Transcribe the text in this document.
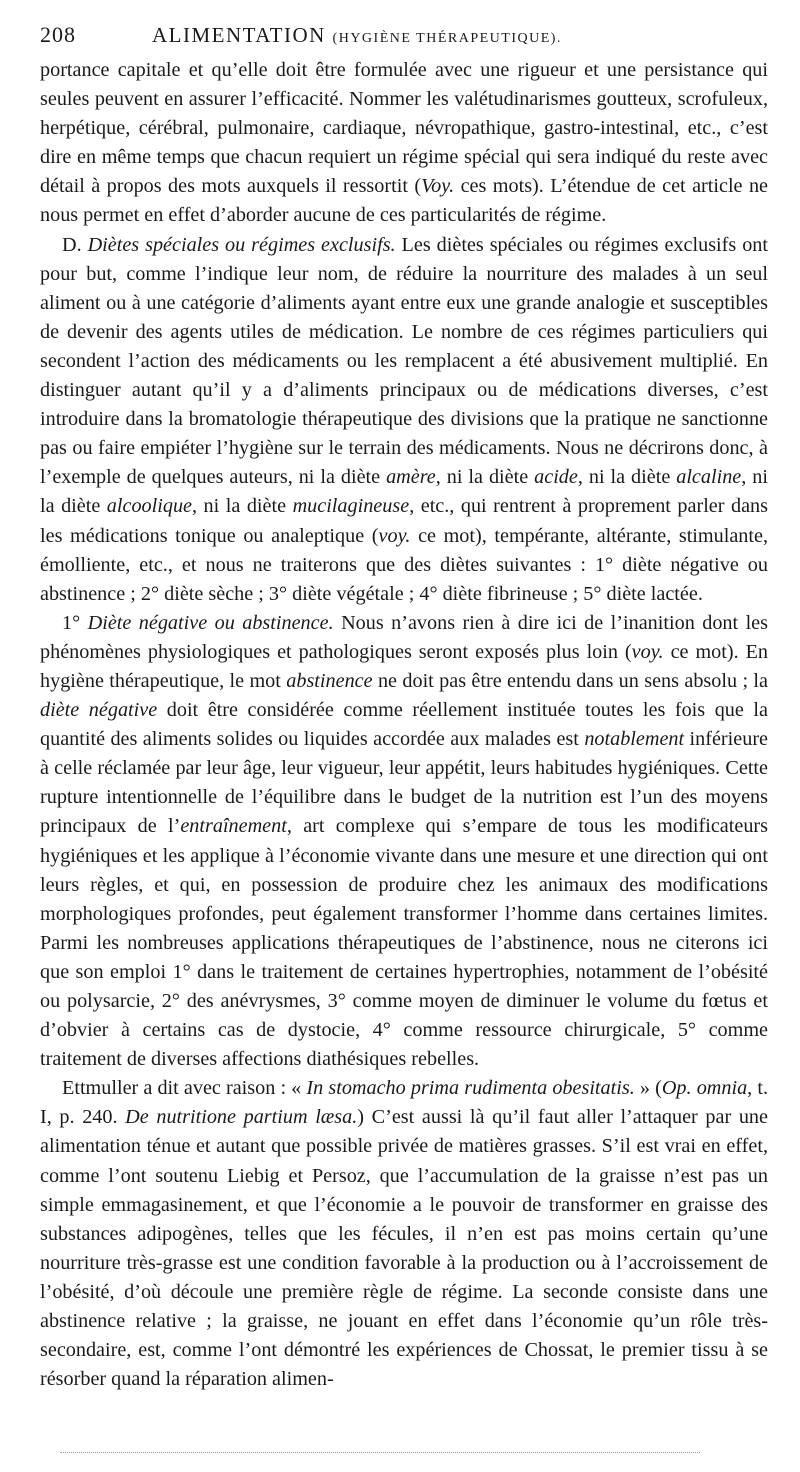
208	ALIMENTATION (HYGIÈNE THÉRAPEUTIQUE).

portance capitale et qu’elle doit être formulée avec une rigueur et une persistance qui seules peuvent en assurer l’efficacité. Nommer les valétudinarismes goutteux, scrofuleux, herpétique, cérébral, pulmonaire, cardiaque, névropathique, gastro-intestinal, etc., c’est dire en même temps que chacun requiert un régime spécial qui sera indiqué du reste avec détail à propos des mots auxquels il ressortit (Voy. ces mots). L’étendue de cet article ne nous permet en effet d’aborder aucune de ces particularités de régime.

D. Diètes spéciales ou régimes exclusifs. Les diètes spéciales ou régimes exclusifs ont pour but, comme l’indique leur nom, de réduire la nourriture des malades à un seul aliment ou à une catégorie d’aliments ayant entre eux une grande analogie et susceptibles de devenir des agents utiles de médication. Le nombre de ces régimes particuliers qui secondent l’action des médicaments ou les remplacent a été abusivement multiplié. En distinguer autant qu’il y a d’aliments principaux ou de médications diverses, c’est introduire dans la bromatologie thérapeutique des divisions que la pratique ne sanctionne pas ou faire empiéter l’hygiène sur le terrain des médicaments. Nous ne décrirons donc, à l’exemple de quelques auteurs, ni la diète amère, ni la diète acide, ni la diète alcaline, ni la diète alcoolique, ni la diète mucilagineuse, etc., qui rentrent à proprement parler dans les médications tonique ou analeptique (voy. ce mot), tempérante, altérante, stimulante, émolliente, etc., et nous ne traiterons que des diètes suivantes : 1° diète négative ou abstinence ; 2° diète sèche ; 3° diète végétale ; 4° diète fibrineuse ; 5° diète lactée.

1° Diète négative ou abstinence. Nous n’avons rien à dire ici de l’inanition dont les phénomènes physiologiques et pathologiques seront exposés plus loin (voy. ce mot). En hygiène thérapeutique, le mot abstinence ne doit pas être entendu dans un sens absolu ; la diète négative doit être considérée comme réellement instituée toutes les fois que la quantité des aliments solides ou liquides accordée aux malades est notablement inférieure à celle réclamée par leur âge, leur vigueur, leur appétit, leurs habitudes hygiéniques. Cette rupture intentionnelle de l’équilibre dans le budget de la nutrition est l’un des moyens principaux de l’entraînement, art complexe qui s’empare de tous les modificateurs hygiéniques et les applique à l’économie vivante dans une mesure et une direction qui ont leurs règles, et qui, en possession de produire chez les animaux des modifications morphologiques profondes, peut également transformer l’homme dans certaines limites. Parmi les nombreuses applications thérapeutiques de l’abstinence, nous ne citerons ici que son emploi 1° dans le traitement de certaines hypertrophies, notamment de l’obésité ou polysarcie, 2° des anévrysmes, 3° comme moyen de diminuer le volume du fœtus et d’obvier à certains cas de dystocie, 4° comme ressource chirurgicale, 5° comme traitement de diverses affections diathésiques rebelles.

Ettmuller a dit avec raison : « In stomacho prima rudimenta obesitatis. » (Op. omnia, t. I, p. 240. De nutritione partium læsa.) C’est aussi là qu’il faut aller l’attaquer par une alimentation ténue et autant que possible privée de matières grasses. S’il est vrai en effet, comme l’ont soutenu Liebig et Persoz, que l’accumulation de la graisse n’est pas un simple emmagasinement, et que l’économie a le pouvoir de transformer en graisse des substances adipogènes, telles que les fécules, il n’en est pas moins certain qu’une nourriture très-grasse est une condition favorable à la production ou à l’accroissement de l’obésité, d’où découle une première règle de régime. La seconde consiste dans une abstinence relative ; la graisse, ne jouant en effet dans l’économie qu’un rôle très-secondaire, est, comme l’ont démontré les expériences de Chossat, le premier tissu à se résorber quand la réparation alimen-
